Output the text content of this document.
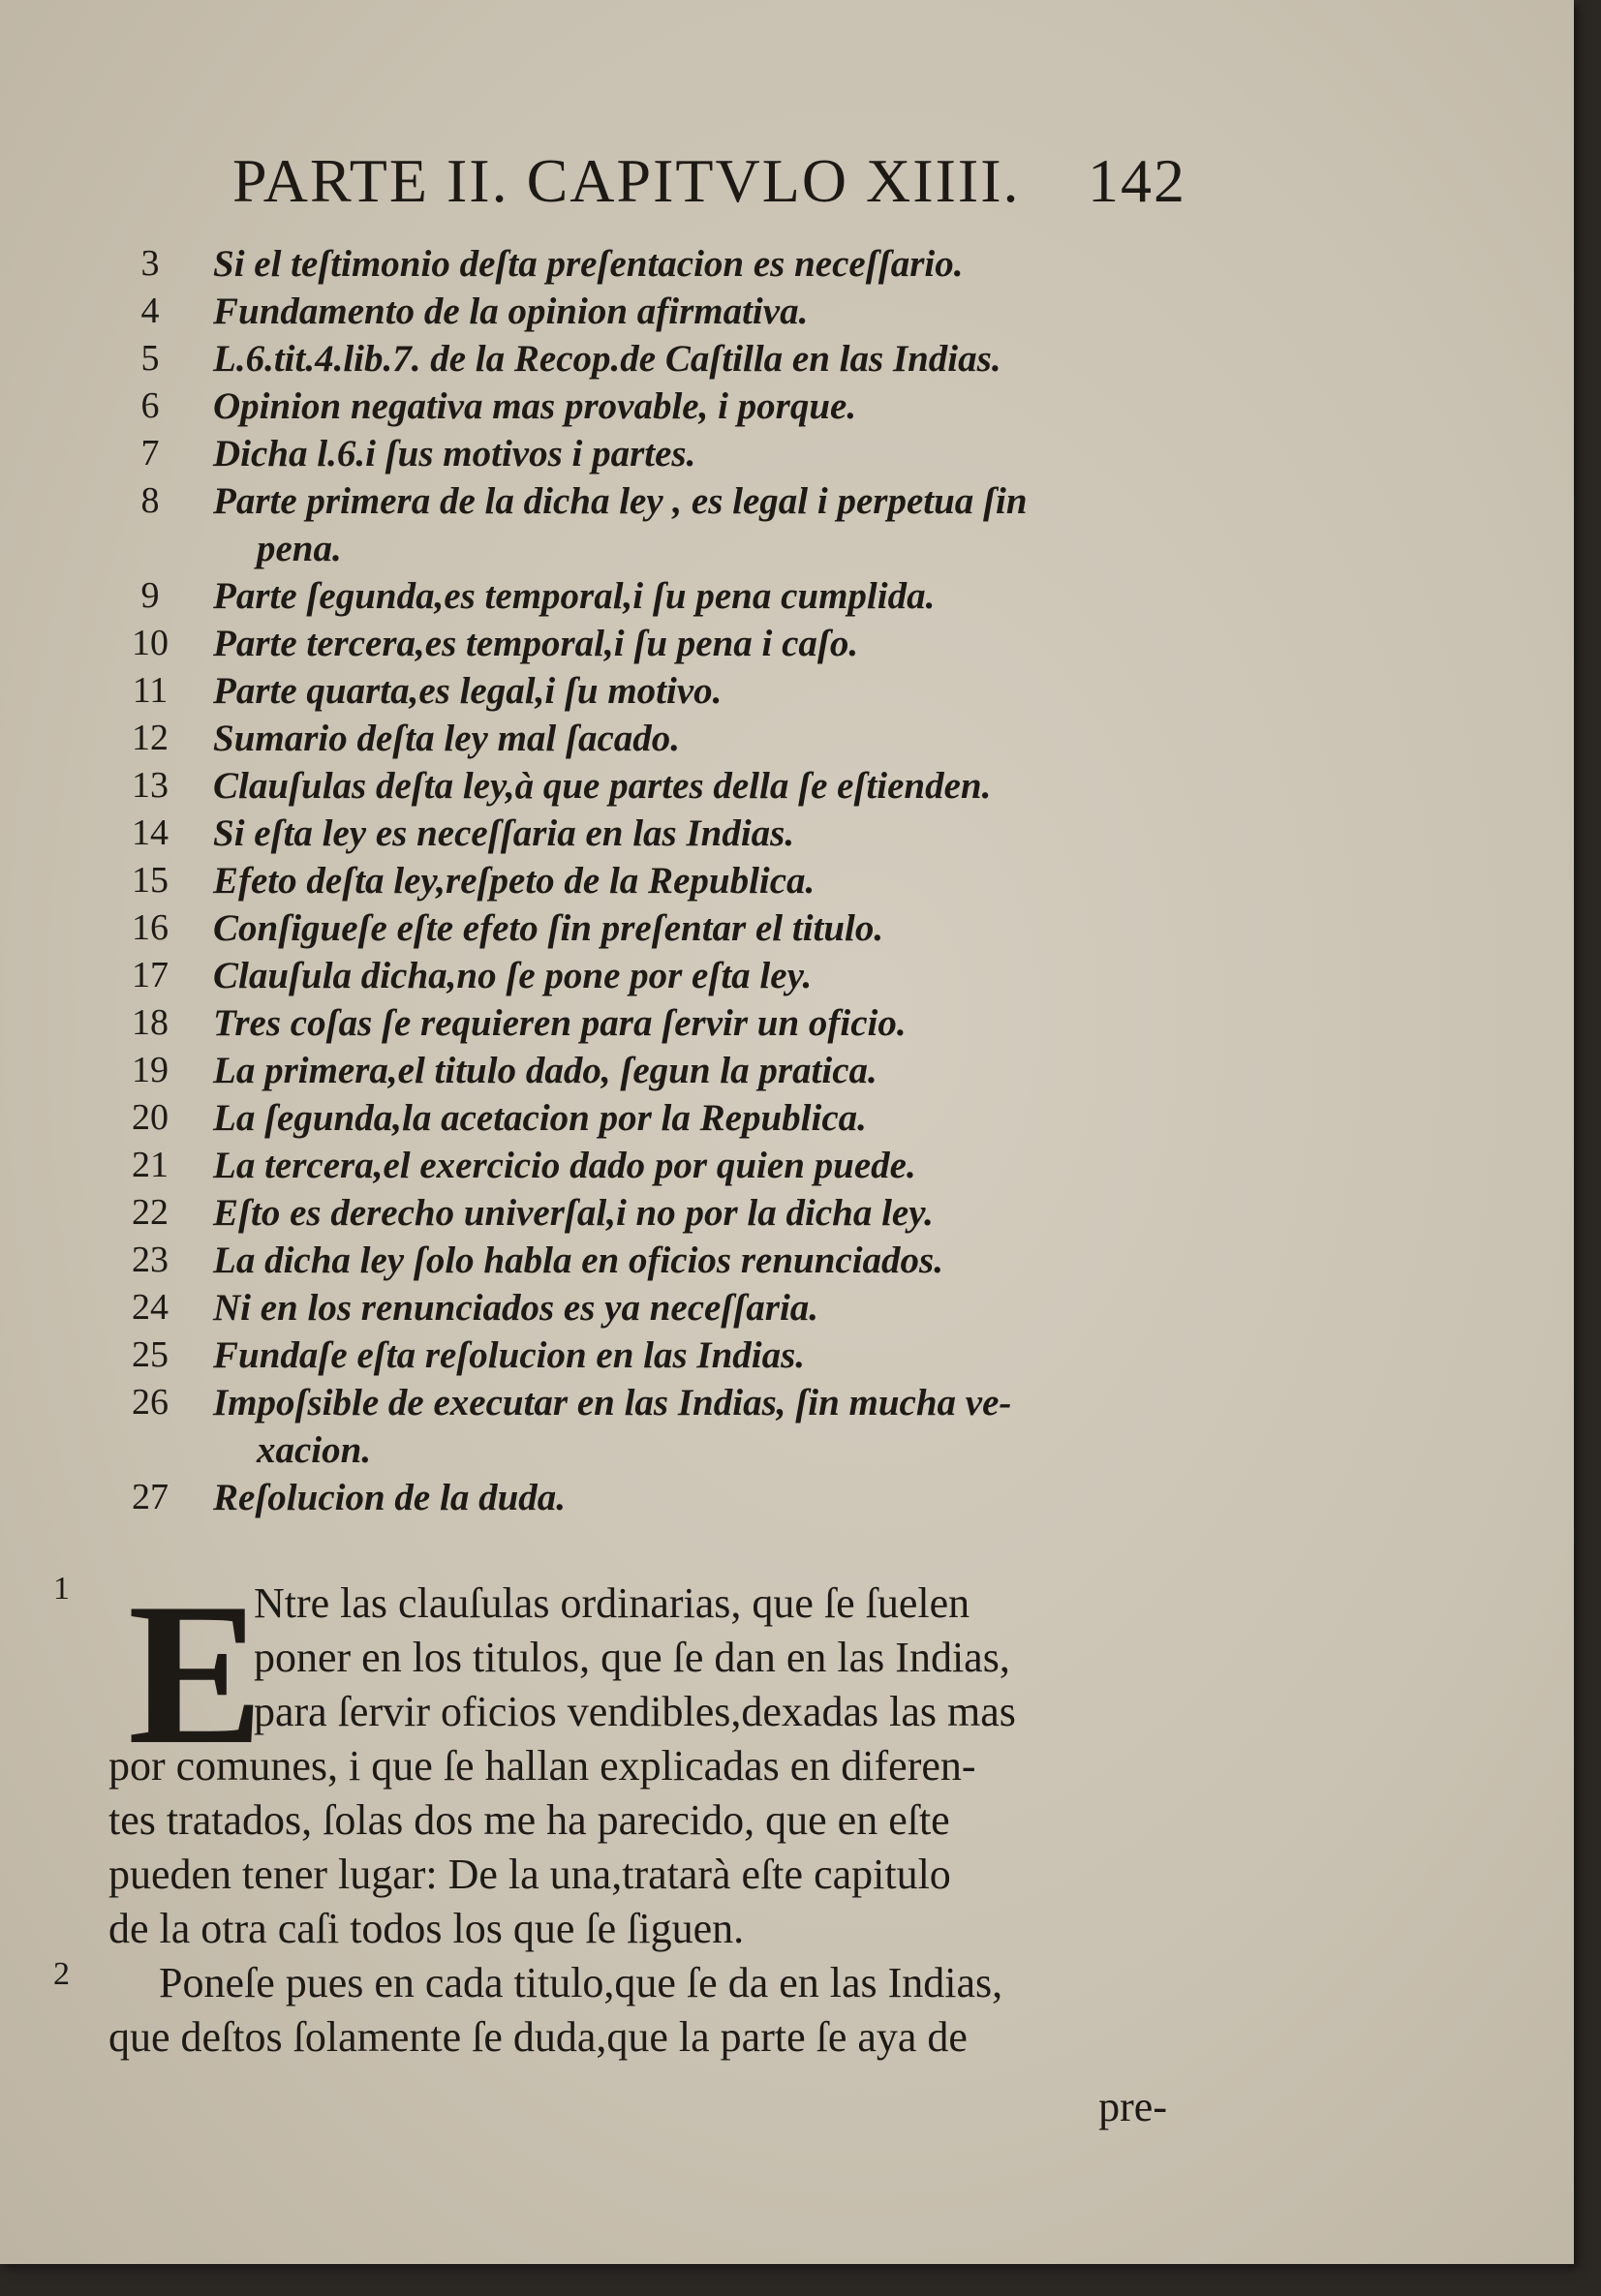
PARTE II. CAPITVLO XIIII. 142
3	Si el teſtimonio deſta preſentacion es neceſſario.
4	Fundamento de la opinion afirmativa.
5	L.6.tit.4.lib.7. de la Recop.de Caſtilla en las Indias.
6	Opinion negativa mas provable, i porque.
7	Dicha l.6.i ſus motivos i partes.
8	Parte primera de la dicha ley , es legal i perpetua ſin
pena.
9	Parte ſegunda,es temporal,i ſu pena cumplida.
10	Parte tercera,es temporal,i ſu pena i caſo.
11	Parte quarta,es legal,i ſu motivo.
12	Sumario deſta ley mal ſacado.
13	Clauſulas deſta ley,à que partes della ſe eſtienden.
14	Si eſta ley es neceſſaria en las Indias.
15	Efeto deſta ley,reſpeto de la Republica.
16	Conſigueſe eſte efeto ſin preſentar el titulo.
17	Clauſula dicha,no ſe pone por eſta ley.
18	Tres coſas ſe requieren para ſervir un oficio.
19	La primera,el titulo dado, ſegun la pratica.
20	La ſegunda,la acetacion por la Republica.
21	La tercera,el exercicio dado por quien puede.
22	Eſto es derecho univerſal,i no por la dicha ley.
23	La dicha ley ſolo habla en oficios renunciados.
24	Ni en los renunciados es ya neceſſaria.
25	Fundaſe eſta reſolucion en las Indias.
26	Impoſsible de executar en las Indias, ſin mucha ve-
xacion.
27	Reſolucion de la duda.
1
2
E
Ntre las clauſulas ordinarias, que ſe ſuelen
poner en los titulos, que ſe dan en las Indias,
para ſervir oficios vendibles,dexadas las mas
por comunes, i que ſe hallan explicadas en diferen-
tes tratados, ſolas dos me ha parecido, que en eſte
pueden tener lugar: De la una,tratarà eſte capitulo
de la otra caſi todos los que ſe ſiguen.
Poneſe pues en cada titulo,que ſe da en las Indias,
que deſtos ſolamente ſe duda,que la parte ſe aya de
pre-
